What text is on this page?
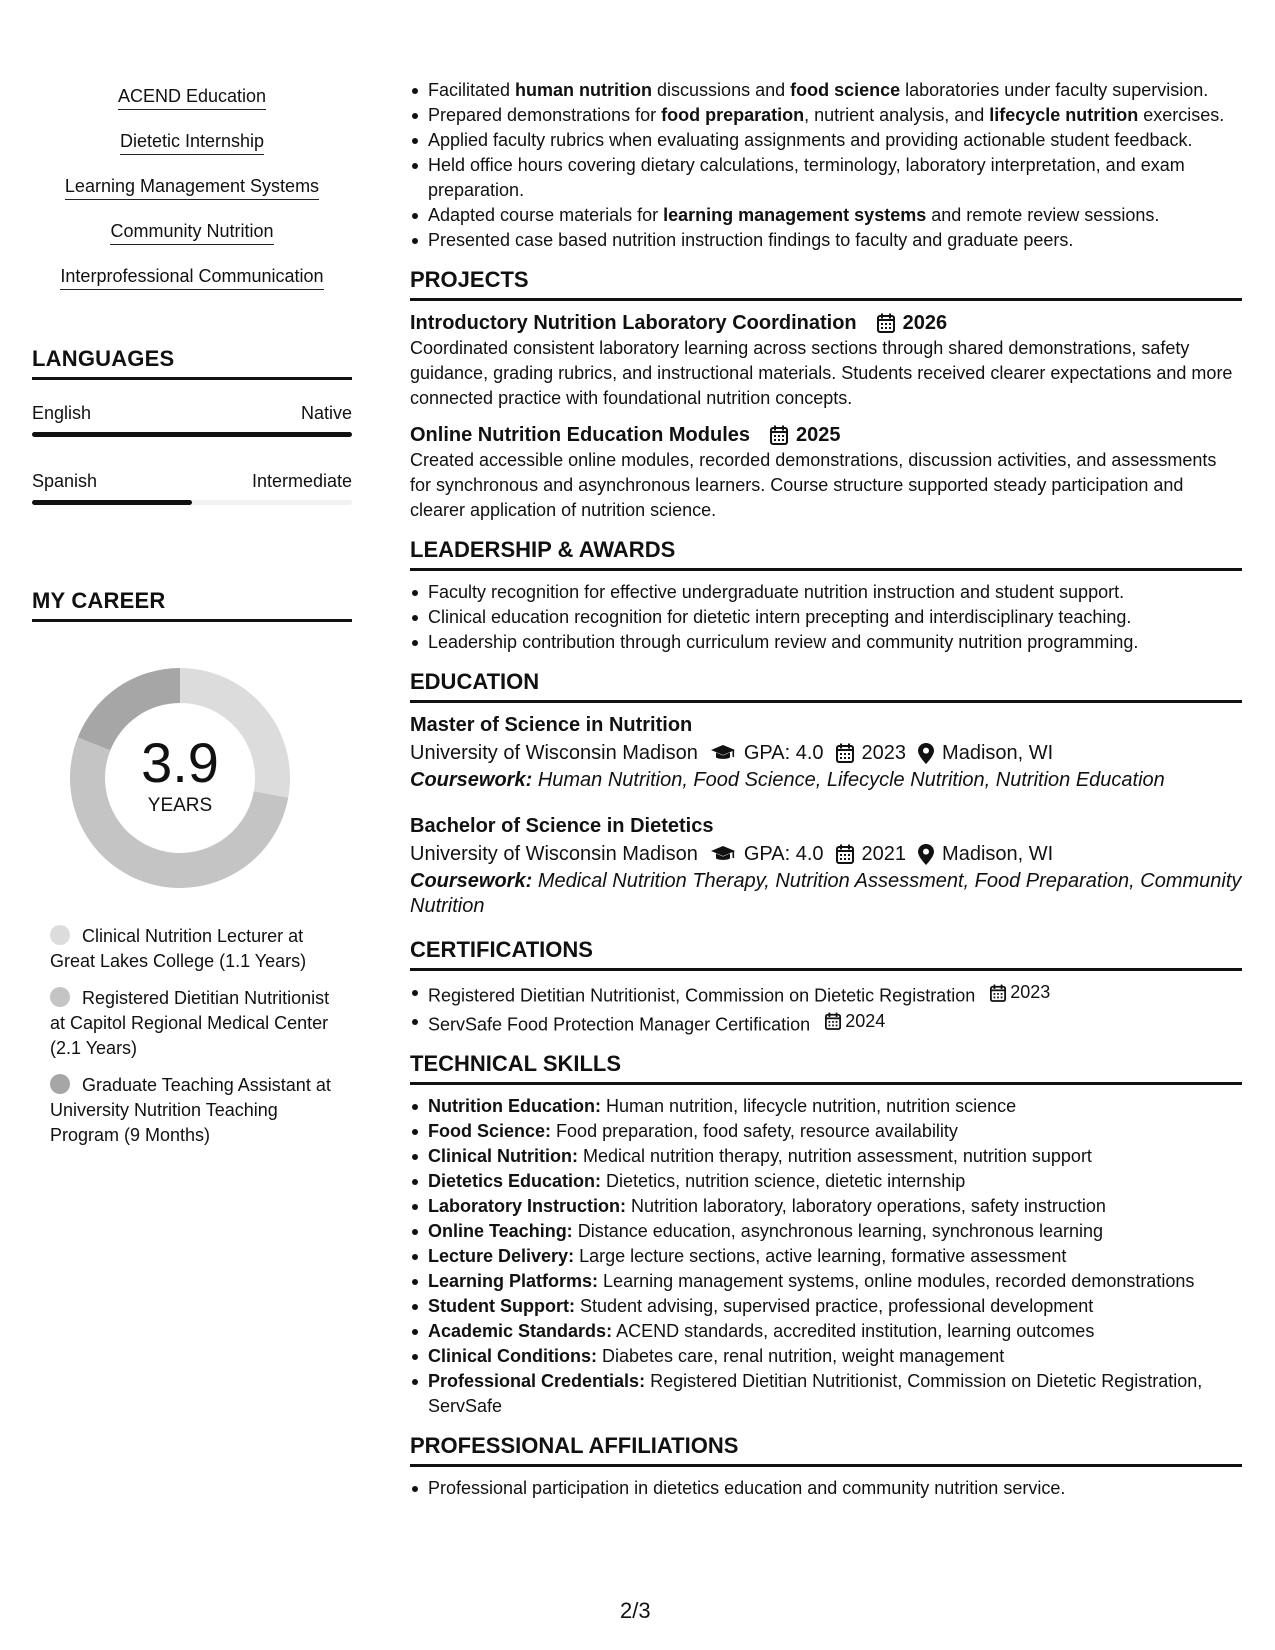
ACEND Education
Dietetic Internship
Learning Management Systems
Community Nutrition
Interprofessional Communication
LANGUAGES
English	Native
Spanish	Intermediate
MY CAREER
3.9
YEARS
Clinical Nutrition Lecturer at Great Lakes College (1.1 Years)
Registered Dietitian Nutritionist at Capitol Regional Medical Center (2.1 Years)
Graduate Teaching Assistant at University Nutrition Teaching Program (9 Months)
Facilitated human nutrition discussions and food science laboratories under faculty supervision.
Prepared demonstrations for food preparation, nutrient analysis, and lifecycle nutrition exercises.
Applied faculty rubrics when evaluating assignments and providing actionable student feedback.
Held office hours covering dietary calculations, terminology, laboratory interpretation, and exam preparation.
Adapted course materials for learning management systems and remote review sessions.
Presented case based nutrition instruction findings to faculty and graduate peers.
PROJECTS
Introductory Nutrition Laboratory Coordination 2026
Coordinated consistent laboratory learning across sections through shared demonstrations, safety guidance, grading rubrics, and instructional materials. Students received clearer expectations and more connected practice with foundational nutrition concepts.
Online Nutrition Education Modules 2025
Created accessible online modules, recorded demonstrations, discussion activities, and assessments for synchronous and asynchronous learners. Course structure supported steady participation and clearer application of nutrition science.
LEADERSHIP & AWARDS
Faculty recognition for effective undergraduate nutrition instruction and student support.
Clinical education recognition for dietetic intern precepting and interdisciplinary teaching.
Leadership contribution through curriculum review and community nutrition programming.
EDUCATION
Master of Science in Nutrition
University of Wisconsin Madison GPA: 4.0 2023 Madison, WI
Coursework: Human Nutrition, Food Science, Lifecycle Nutrition, Nutrition Education
Bachelor of Science in Dietetics
University of Wisconsin Madison GPA: 4.0 2021 Madison, WI
Coursework: Medical Nutrition Therapy, Nutrition Assessment, Food Preparation, Community Nutrition
CERTIFICATIONS
Registered Dietitian Nutritionist, Commission on Dietetic Registration 2023
ServSafe Food Protection Manager Certification 2024
TECHNICAL SKILLS
Nutrition Education: Human nutrition, lifecycle nutrition, nutrition science
Food Science: Food preparation, food safety, resource availability
Clinical Nutrition: Medical nutrition therapy, nutrition assessment, nutrition support
Dietetics Education: Dietetics, nutrition science, dietetic internship
Laboratory Instruction: Nutrition laboratory, laboratory operations, safety instruction
Online Teaching: Distance education, asynchronous learning, synchronous learning
Lecture Delivery: Large lecture sections, active learning, formative assessment
Learning Platforms: Learning management systems, online modules, recorded demonstrations
Student Support: Student advising, supervised practice, professional development
Academic Standards: ACEND standards, accredited institution, learning outcomes
Clinical Conditions: Diabetes care, renal nutrition, weight management
Professional Credentials: Registered Dietitian Nutritionist, Commission on Dietetic Registration, ServSafe
PROFESSIONAL AFFILIATIONS
Professional participation in dietetics education and community nutrition service.
2/3
